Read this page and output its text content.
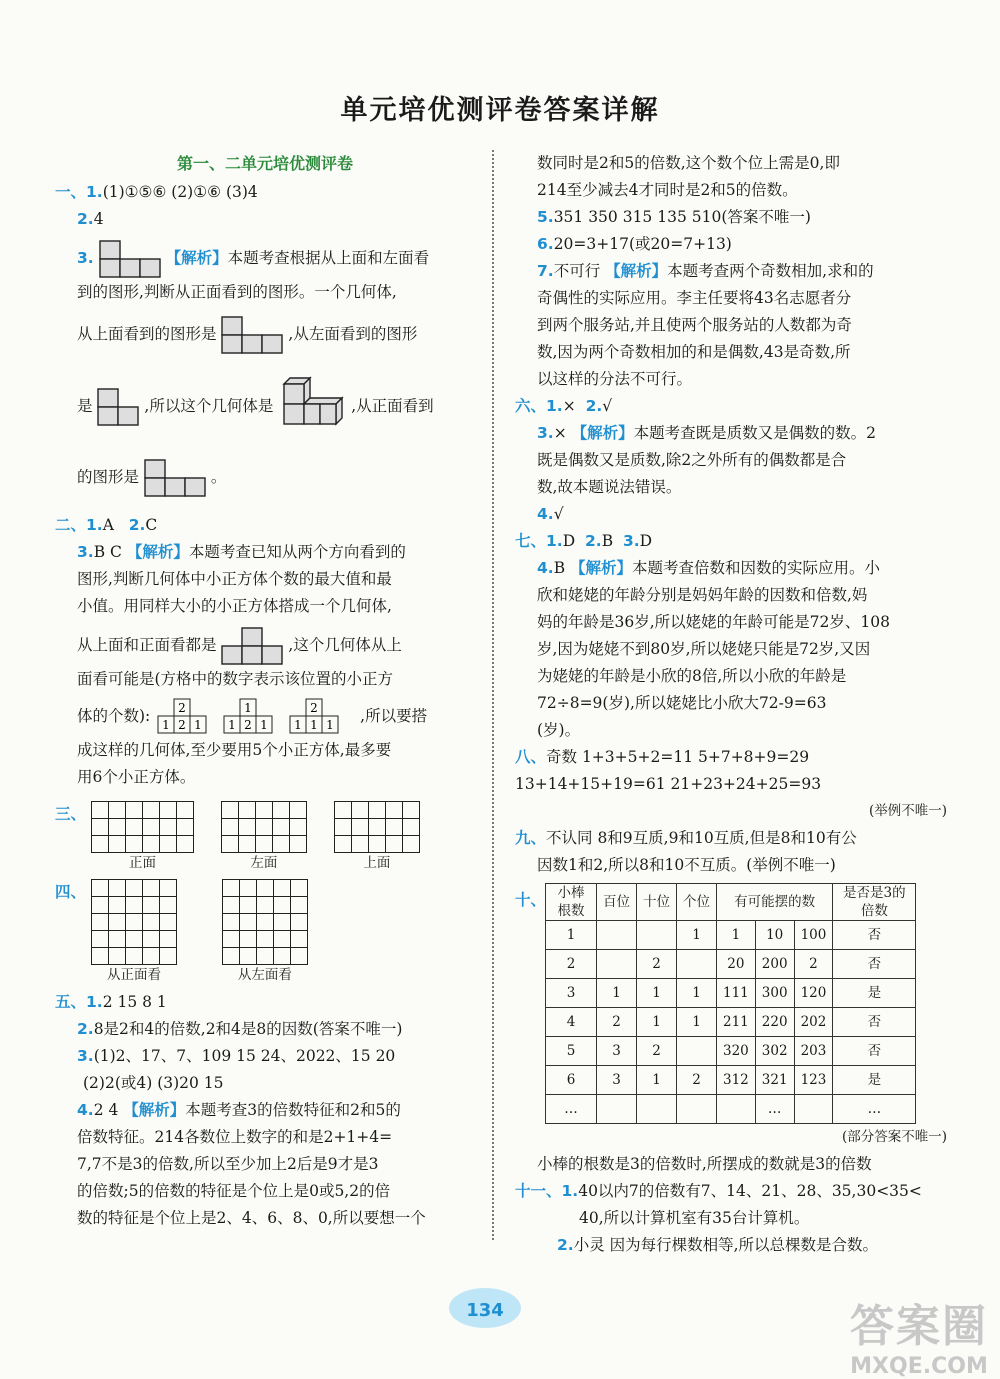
单元培优测评卷答案详解
第一、二单元培优测评卷
一、1.(1)①⑤⑥ (2)①⑥ (3)4
2.4
3.	【解析】本题考查根据从上面和左面看
到的图形,判断从正面看到的图形。一个几何体,
从上面看到的图形是	,从左面看到的图形
是	,所以这个几何体是	,从正面看到
的图形是	。
二、1.A 2.C
3.B C 【解析】本题考查已知从两个方向看到的
图形,判断几何体中小正方体个数的最大值和最
小值。用同样大小的小正方体搭成一个几何体,
从上面和正面看都是	,这个几何体从上
面看可能是(方格中的数字表示该位置的小正方
体的个数): 2
1 2 1
1
1 2 1
2
1 1 1 ,所以要搭
成这样的几何体,至少要用5个小正方体,最多要
用6个小正方体。
三、
正面
	左面
	上面
四、
从正面看
	从左面看
五、1.2 15 8 1
2.8是2和4的倍数,2和4是8的因数(答案不唯一)
3.(1)2、17、7、109 15 24、2022、15 20
(2)2(或4) (3)20 15
4.2 4 【解析】本题考查3的倍数特征和2和5的
倍数特征。214各数位上数字的和是2+1+4=
7,7不是3的倍数,所以至少加上2后是9才是3
的倍数;5的倍数的特征是个位上是0或5,2的倍
数的特征是个位上是2、4、6、8、0,所以要想一个
数同时是2和5的倍数,这个数个位上需是0,即
214至少减去4才同时是2和5的倍数。
5.351 350 315 135 510(答案不唯一)
6.20=3+17(或20=7+13)
7.不可行 【解析】本题考查两个奇数相加,求和的
奇偶性的实际应用。李主任要将43名志愿者分
到两个服务站,并且使两个服务站的人数都为奇
数,因为两个奇数相加的和是偶数,43是奇数,所
以这样的分法不可行。
六、1.× 2.√
3.× 【解析】本题考查既是质数又是偶数的数。2
既是偶数又是质数,除2之外所有的偶数都是合
数,故本题说法错误。
4.√
七、1.D 2.B 3.D
4.B 【解析】本题考查倍数和因数的实际应用。小
欣和姥姥的年龄分别是妈妈年龄的因数和倍数,妈
妈的年龄是36岁,所以姥姥的年龄可能是72岁、108
岁,因为姥姥不到80岁,所以姥姥只能是72岁,又因
为姥姥的年龄是小欣的8倍,所以小欣的年龄是
72÷8=9(岁),所以姥姥比小欣大72-9=63
(岁)。
八、奇数 1+3+5+2=11 5+7+8+9=29
13+14+15+19=61 21+23+24+25=93
(举例不唯一)
九、不认同 8和9互质,9和10互质,但是8和10有公
因数1和2,所以8和10不互质。(举例不唯一)
十、 小棒根数	百位	十位	个位	有可能摆的数			是否是3的倍数
1			1	1	10	100	否
2		2		20	200	2	否
3	1	1	1	111	300	120	是
4	2	1	1	211	220	202	否
5	3	2		320	302	203	否
6	3	1	2	312	321	123	是
…					…		…
(部分答案不唯一)
小棒的根数是3的倍数时,所摆成的数就是3的倍数
十一、1.40以内7的倍数有7、14、21、28、35,30<35<
40,所以计算机室有35台计算机。
2.小灵 因为每行棵数相等,所以总棵数是合数。
134	答案圈
MXQE.COM
